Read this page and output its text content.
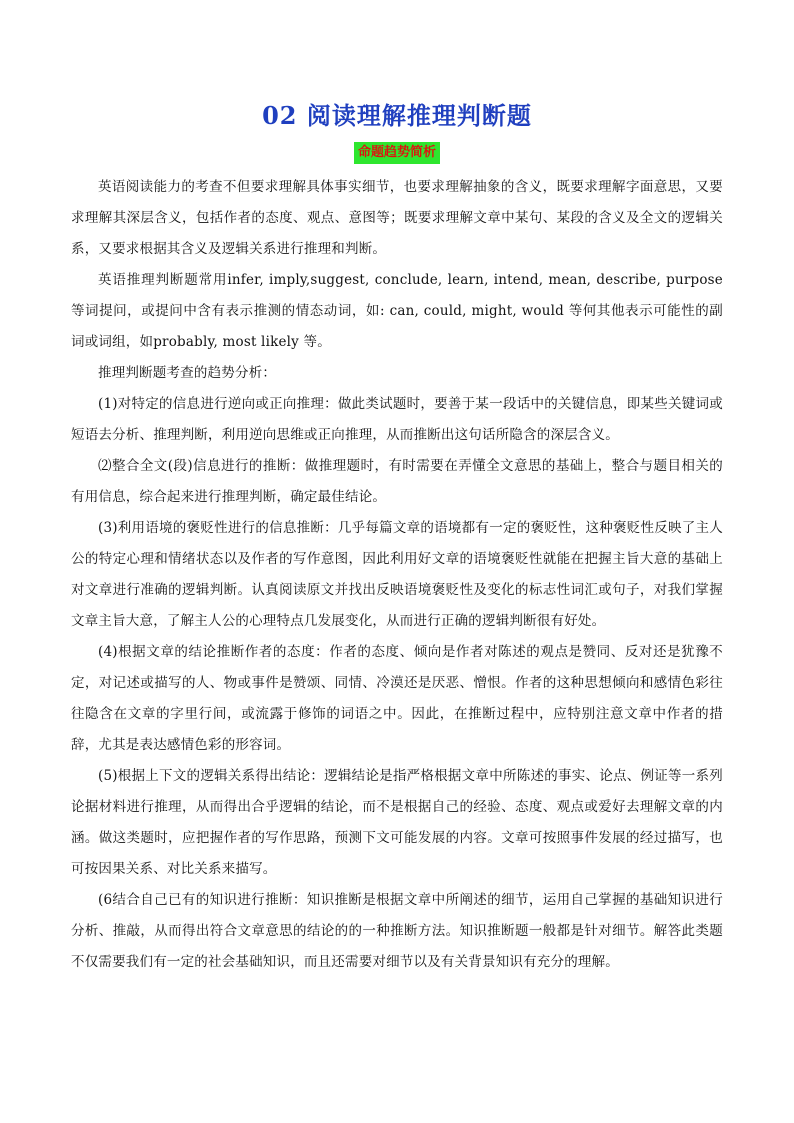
02 阅读理解推理判断题
命题趋势简析

英语阅读能力的考查不但要求理解具体事实细节，也要求理解抽象的含义，既要求理解字面意思，又要求理解其深层含义，包括作者的态度、观点、意图等；既要求理解文章中某句、某段的含义及全文的逻辑关系，又要求根据其含义及逻辑关系进行推理和判断。

英语推理判断题常用infer, imply,suggest, conclude, learn, intend, mean, describe, purpose等词提问，或提问中含有表示推测的情态动词，如: can, could, might, would 等何其他表示可能性的副词或词组，如probably, most likely 等。

推理判断题考查的趋势分析：

(1)对特定的信息进行逆向或正向推理：做此类试题时，要善于某一段话中的关键信息，即某些关键词或短语去分析、推理判断，利用逆向思维或正向推理，从而推断出这句话所隐含的深层含义。

⑵整合全文(段)信息进行的推断：做推理题时，有时需要在弄懂全文意思的基础上，整合与题目相关的有用信息，综合起来进行推理判断，确定最佳结论。

(3)利用语境的褒贬性进行的信息推断：几乎每篇文章的语境都有一定的褒贬性，这种褒贬性反映了主人公的特定心理和情绪状态以及作者的写作意图，因此利用好文章的语境褒贬性就能在把握主旨大意的基础上对文章进行准确的逻辑判断。认真阅读原文并找出反映语境褒贬性及变化的标志性词汇或句子，对我们掌握文章主旨大意，了解主人公的心理特点几发展变化，从而进行正确的逻辑判断很有好处。

(4)根据文章的结论推断作者的态度：作者的态度、倾向是作者对陈述的观点是赞同、反对还是犹豫不定，对记述或描写的人、物或事件是赞颂、同情、冷漠还是厌恶、憎恨。作者的这种思想倾向和感情色彩往往隐含在文章的字里行间，或流露于修饰的词语之中。因此，在推断过程中，应特别注意文章中作者的措辞，尤其是表达感情色彩的形容词。

(5)根据上下文的逻辑关系得出结论：逻辑结论是指严格根据文章中所陈述的事实、论点、例证等一系列论据材料进行推理，从而得出合乎逻辑的结论，而不是根据自己的经验、态度、观点或爱好去理解文章的内涵。做这类题时，应把握作者的写作思路，预测下文可能发展的内容。文章可按照事件发展的经过描写，也可按因果关系、对比关系来描写。

(6结合自己已有的知识进行推断：知识推断是根据文章中所阐述的细节，运用自己掌握的基础知识进行分析、推敲，从而得出符合文章意思的结论的的一种推断方法。知识推断题一般都是针对细节。解答此类题不仅需要我们有一定的社会基础知识，而且还需要对细节以及有关背景知识有充分的理解。
